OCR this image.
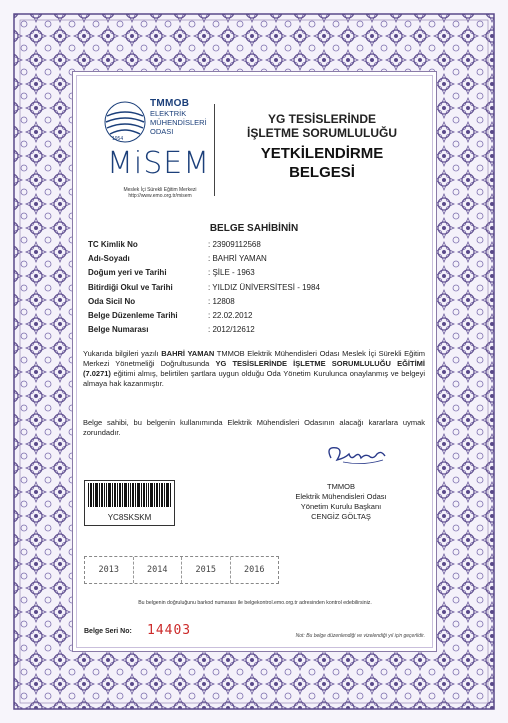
TMMOB
ELEKTRİK
MÜHENDİSLERİ
ODASI
1954
MiSEM
Meslek İçi Sürekli Eğitim Merkezi
http://www.emo.org.tr/misem
YG TESİSLERİNDE
İŞLETME SORUMLULUĞU
YETKİLENDİRME
BELGESİ
BELGE SAHİBİNİN
TC Kimlik No	: 23909112568
Adı-Soyadı	: BAHRİ YAMAN
Doğum yeri ve Tarihi	: ŞİLE - 1963
Bitirdiği Okul ve Tarihi	: YILDIZ ÜNİVERSİTESİ - 1984
Oda Sicil No	: 12808
Belge Düzenleme Tarihi	: 22.02.2012
Belge Numarası	: 2012/12612
Yukarıda bilgileri yazılı BAHRİ YAMAN TMMOB Elektrik Mühendisleri Odası Meslek İçi Sürekli Eğitim Merkezi Yönetmeliği Doğrultusunda YG TESİSLERİNDE İŞLETME SORUMLULUĞU EĞİTİMİ (7.0271) eğitimi almış, belirtilen şartlara uygun olduğu Oda Yönetim Kurulunca onaylanmış ve belgeyi almaya hak kazanmıştır.
Belge sahibi, bu belgenin kullanımında Elektrik Mühendisleri Odasının alacağı kararlara uymak zorundadır.
TMMOB
Elektrik Mühendisleri Odası
Yönetim Kurulu Başkanı
CENGİZ GÖLTAŞ
YC8SKSKM
2013	2014	2015	2016
Bu belgenin doğruluğunu barkod numarası ile belgekontrol.emo.org.tr adresinden kontrol edebilirsiniz.
Belge Seri No: 14403	Not: Bu belge düzenlendiği ve vizelendiği yıl için geçerlidir.
